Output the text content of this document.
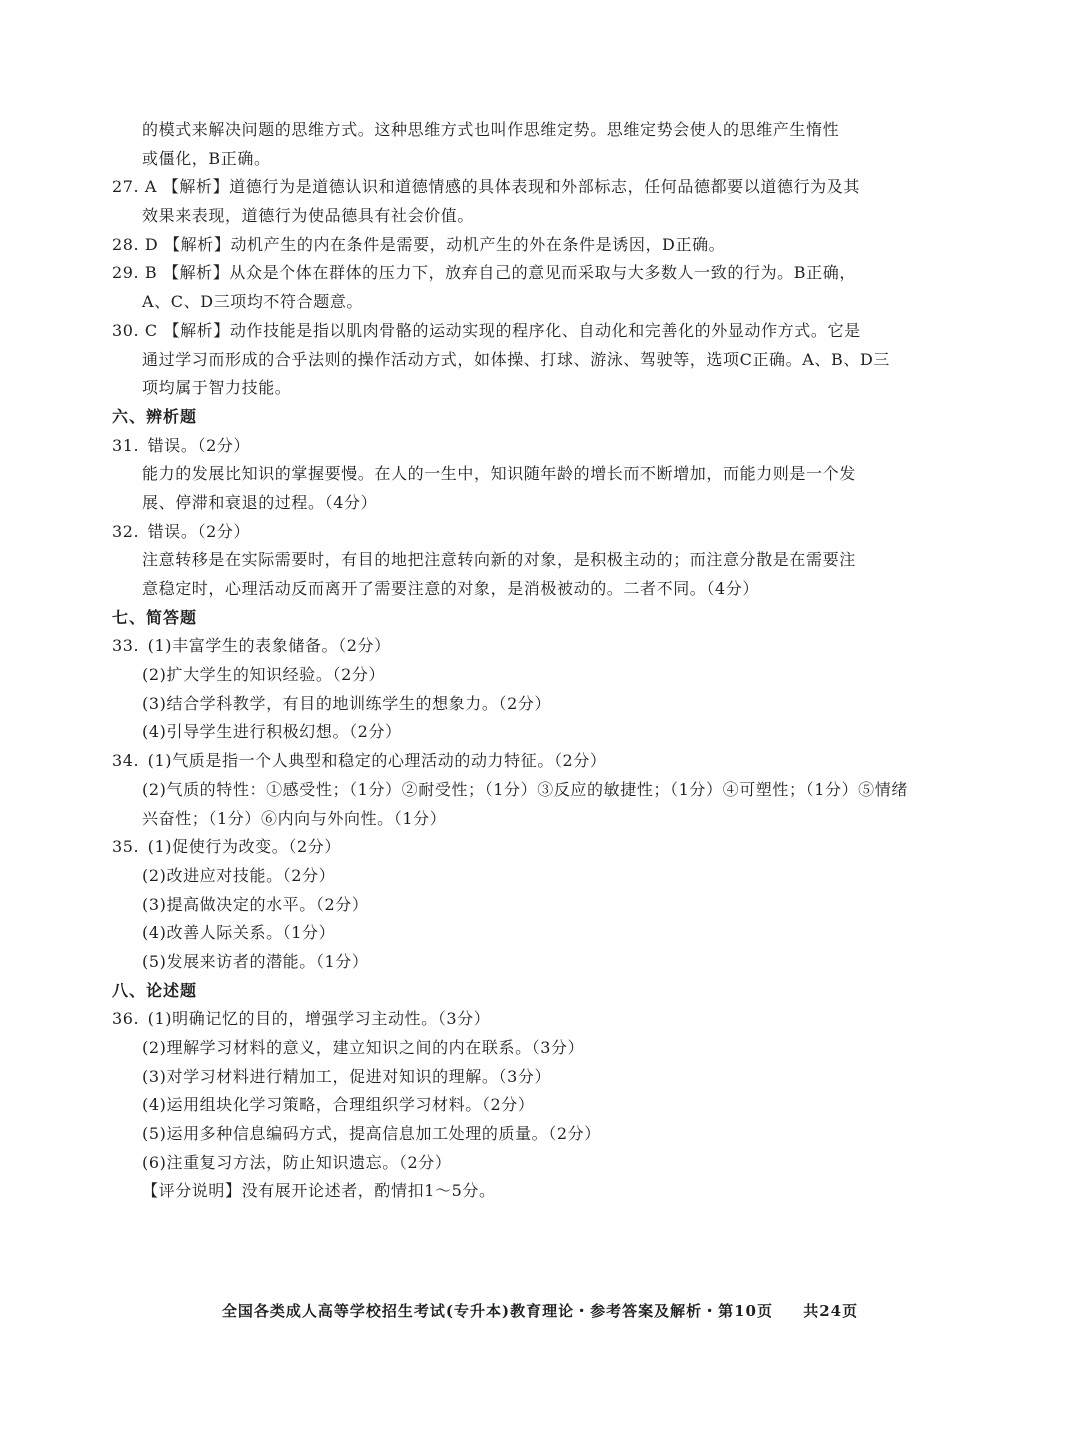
的模式来解决问题的思维方式。这种思维方式也叫作思维定势。思维定势会使人的思维产生惰性
或僵化，B正确。
27. A 【解析】道德行为是道德认识和道德情感的具体表现和外部标志，任何品德都要以道德行为及其
效果来表现，道德行为使品德具有社会价值。
28. D 【解析】动机产生的内在条件是需要，动机产生的外在条件是诱因，D正确。
29. B 【解析】从众是个体在群体的压力下，放弃自己的意见而采取与大多数人一致的行为。B正确，
A、C、D三项均不符合题意。
30. C 【解析】动作技能是指以肌肉骨骼的运动实现的程序化、自动化和完善化的外显动作方式。它是
通过学习而形成的合乎法则的操作活动方式，如体操、打球、游泳、驾驶等，选项C正确。A、B、D三
项均属于智力技能。
六、辨析题
31. 错误。（2分）
能力的发展比知识的掌握要慢。在人的一生中，知识随年龄的增长而不断增加，而能力则是一个发
展、停滞和衰退的过程。（4分）
32. 错误。（2分）
注意转移是在实际需要时，有目的地把注意转向新的对象，是积极主动的；而注意分散是在需要注
意稳定时，心理活动反而离开了需要注意的对象，是消极被动的。二者不同。（4分）
七、简答题
33. (1)丰富学生的表象储备。（2分）
(2)扩大学生的知识经验。（2分）
(3)结合学科教学，有目的地训练学生的想象力。（2分）
(4)引导学生进行积极幻想。（2分）
34. (1)气质是指一个人典型和稳定的心理活动的动力特征。（2分）
(2)气质的特性：①感受性；（1分）②耐受性；（1分）③反应的敏捷性；（1分）④可塑性；（1分）⑤情绪
兴奋性；（1分）⑥内向与外向性。（1分）
35. (1)促使行为改变。（2分）
(2)改进应对技能。（2分）
(3)提高做决定的水平。（2分）
(4)改善人际关系。（1分）
(5)发展来访者的潜能。（1分）
八、论述题
36. (1)明确记忆的目的，增强学习主动性。（3分）
(2)理解学习材料的意义，建立知识之间的内在联系。（3分）
(3)对学习材料进行精加工，促进对知识的理解。（3分）
(4)运用组块化学习策略，合理组织学习材料。（2分）
(5)运用多种信息编码方式，提高信息加工处理的质量。（2分）
(6)注重复习方法，防止知识遗忘。（2分）
【评分说明】没有展开论述者，酌情扣1～5分。
全国各类成人高等学校招生考试(专升本)教育理论・参考答案及解析・第10页 共24页
